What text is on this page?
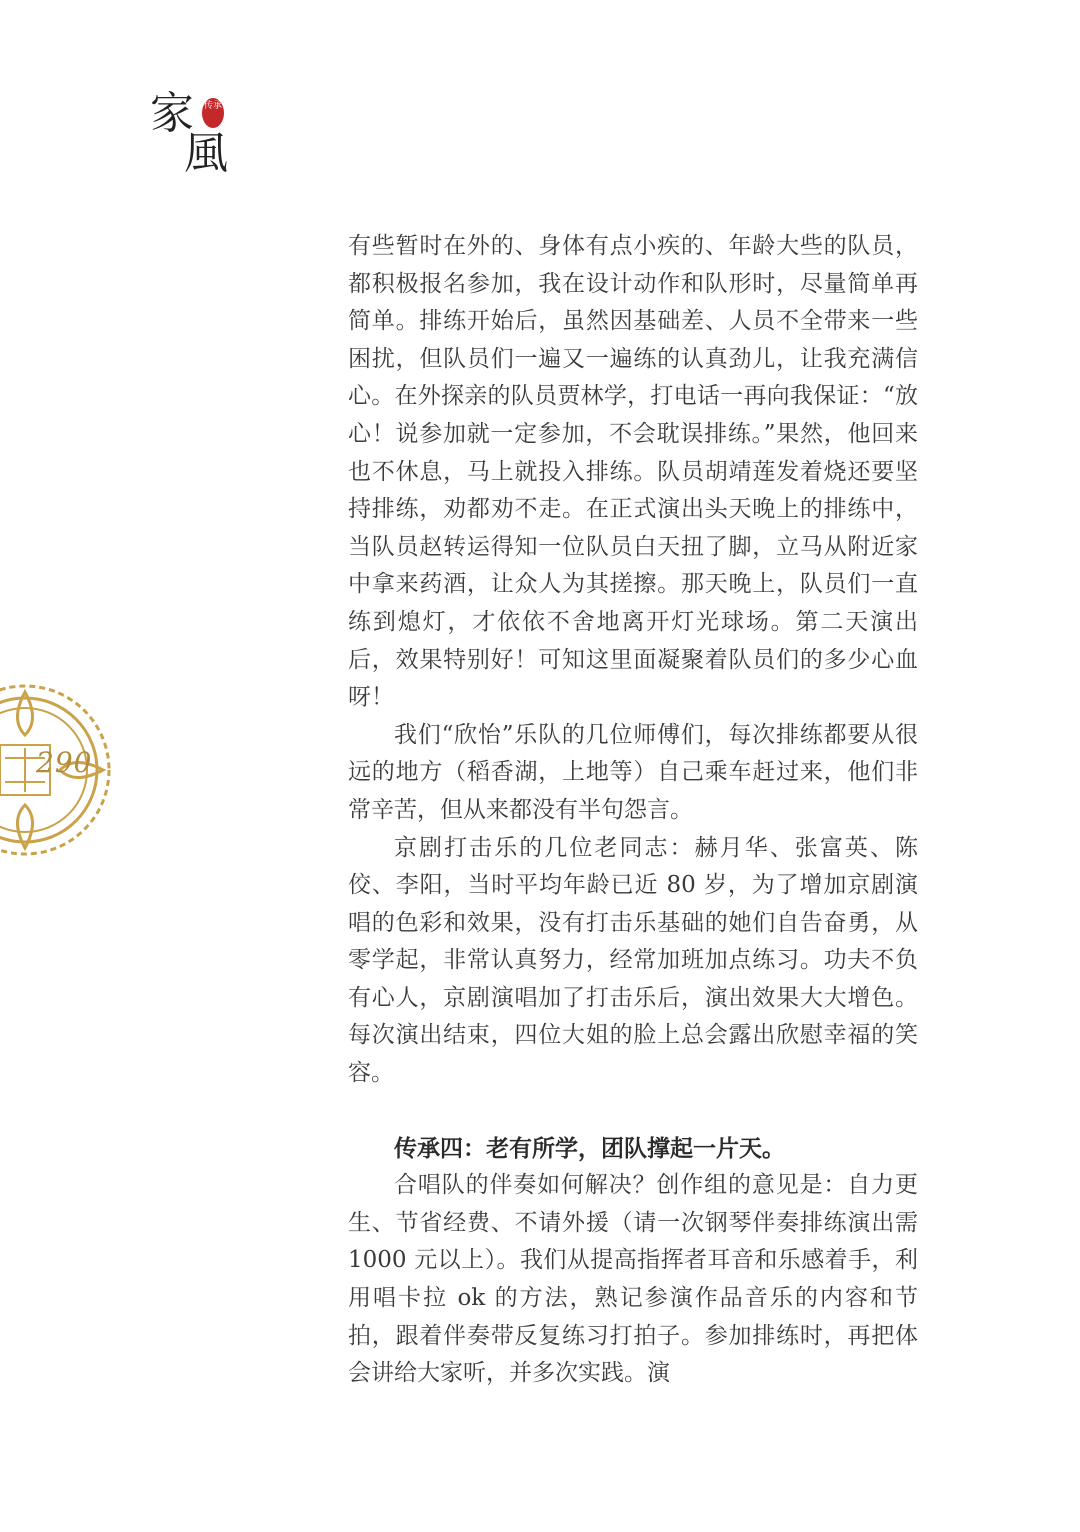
家
風
传承
290

有些暂时在外的、身体有点小疾的、年龄大些的队员，都积极报名参加，我在设计动作和队形时，尽量简单再简单。排练开始后，虽然因基础差、人员不全带来一些困扰，但队员们一遍又一遍练的认真劲儿，让我充满信心。在外探亲的队员贾林学，打电话一再向我保证：“放心！说参加就一定参加，不会耽误排练。”果然，他回来也不休息，马上就投入排练。队员胡靖莲发着烧还要坚持排练，劝都劝不走。在正式演出头天晚上的排练中，当队员赵转运得知一位队员白天扭了脚，立马从附近家中拿来药酒，让众人为其搓擦。那天晚上，队员们一直练到熄灯，才依依不舍地离开灯光球场。第二天演出后，效果特别好！可知这里面凝聚着队员们的多少心血呀！

我们“欣怡”乐队的几位师傅们，每次排练都要从很远的地方（稻香湖，上地等）自己乘车赶过来，他们非常辛苦，但从来都没有半句怨言。

京剧打击乐的几位老同志：赫月华、张富英、陈佼、李阳，当时平均年龄已近 80 岁，为了增加京剧演唱的色彩和效果，没有打击乐基础的她们自告奋勇，从零学起，非常认真努力，经常加班加点练习。功夫不负有心人，京剧演唱加了打击乐后，演出效果大大增色。每次演出结束，四位大姐的脸上总会露出欣慰幸福的笑容。

传承四：老有所学，团队撑起一片天。

合唱队的伴奏如何解决？创作组的意见是：自力更生、节省经费、不请外援（请一次钢琴伴奏排练演出需 1000 元以上）。我们从提高指挥者耳音和乐感着手，利用唱卡拉 ok 的方法，熟记参演作品音乐的内容和节拍，跟着伴奏带反复练习打拍子。参加排练时，再把体会讲给大家听，并多次实践。演
